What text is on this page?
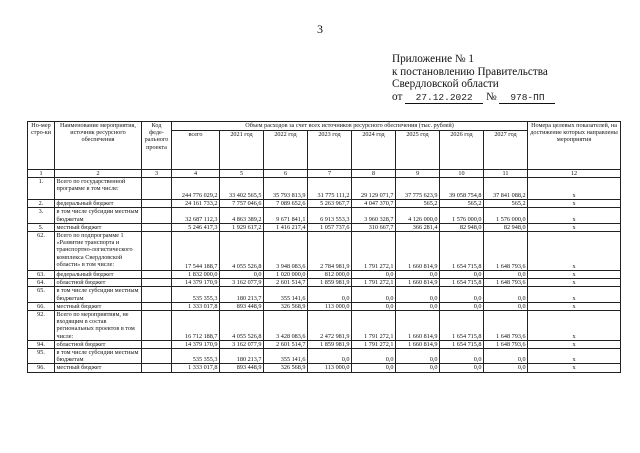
3
Приложение № 1
к постановлению Правительства
Свердловской области
от 27.12.2022 № 978-ПП
Но-мер стро-ки	Наименование мероприятия, источник ресурсного обеспечения	Код феде-рального проекта	Объем расходов за счет всех источников ресурсного обеспечения (тыс. рублей)								Номера целевых показателей, на достижение которых направлены мероприятия
			всего	2021 год	2022 год	2023 год	2024 год	2025 год	2026 год	2027 год	
1	2	3	4	5	6	7	8	9	10	11	12
1.	Всего по государственной программе в том числе:		244 776 029,2	33 402 565,5	35 793 813,9	31 775 111,2	29 129 071,7	37 775 623,9	39 058 754,8	37 841 088,2	x
2.	федеральный бюджет		24 161 733,2	7 757 046,6	7 089 652,6	5 263 967,7	4 047 370,7	565,2	565,2	565,2	x
3.	в том числе субсидии местным бюджетам		32 687 112,3	4 863 389,2	9 671 841,1	6 913 553,3	3 960 328,7	4 126 000,0	1 576 000,0	1 576 000,0	x
5.	местный бюджет		5 246 417,3	1 929 617,2	1 416 217,4	1 057 737,6	310 667,7	366 281,4	82 948,0	82 948,0	x
62.	Всего по подпрограмме 1 «Развитие транспорта и транспортно-логистического комплекса Свердловской области» в том числе:		17 544 188,7	4 055 526,8	3 948 083,6	2 784 981,9	1 791 272,1	1 660 814,9	1 654 715,8	1 648 793,6	x
63.	федеральный бюджет		1 832 000,0	0,0	1 020 000,0	812 000,0	0,0	0,0	0,0	0,0	x
64.	областной бюджет		14 379 170,9	3 162 077,9	2 601 514,7	1 859 981,9	1 791 272,1	1 660 814,9	1 654 715,8	1 648 793,6	x
65.	в том числе субсидии местным бюджетам		535 355,3	180 213,7	355 141,6	0,0	0,0	0,0	0,0	0,0	x
66.	местный бюджет		1 333 017,8	893 448,9	326 568,9	113 000,0	0,0	0,0	0,0	0,0	x
92.	Всего по мероприятиям, не входящим в состав региональных проектов в том числе:		16 712 188,7	4 055 526,8	3 428 083,6	2 472 981,9	1 791 272,1	1 660 814,9	1 654 715,8	1 648 793,6	x
94.	областной бюджет		14 379 170,9	3 162 077,9	2 601 514,7	1 859 981,9	1 791 272,1	1 660 814,9	1 654 715,8	1 648 793,6	x
95.	в том числе субсидии местным бюджетам		535 355,3	180 213,7	355 141,6	0,0	0,0	0,0	0,0	0,0	x
96.	местный бюджет		1 333 017,8	893 448,9	326 568,9	113 000,0	0,0	0,0	0,0	0,0	x
